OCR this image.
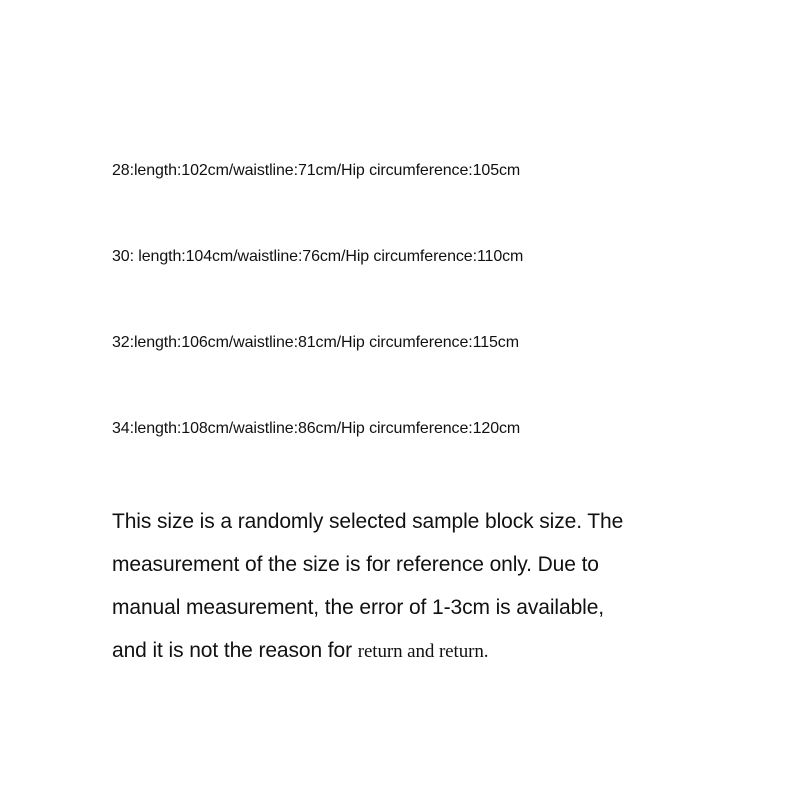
28:length:102cm/waistline:71cm/Hip circumference:105cm
30: length:104cm/waistline:76cm/Hip circumference:110cm
32:length:106cm/waistline:81cm/Hip circumference:115cm
34:length:108cm/waistline:86cm/Hip circumference:120cm
This size is a randomly selected sample block size. The
measurement of the size is for reference only. Due to
manual measurement, the error of 1-3cm is available,
and it is not the reason for return and return.
